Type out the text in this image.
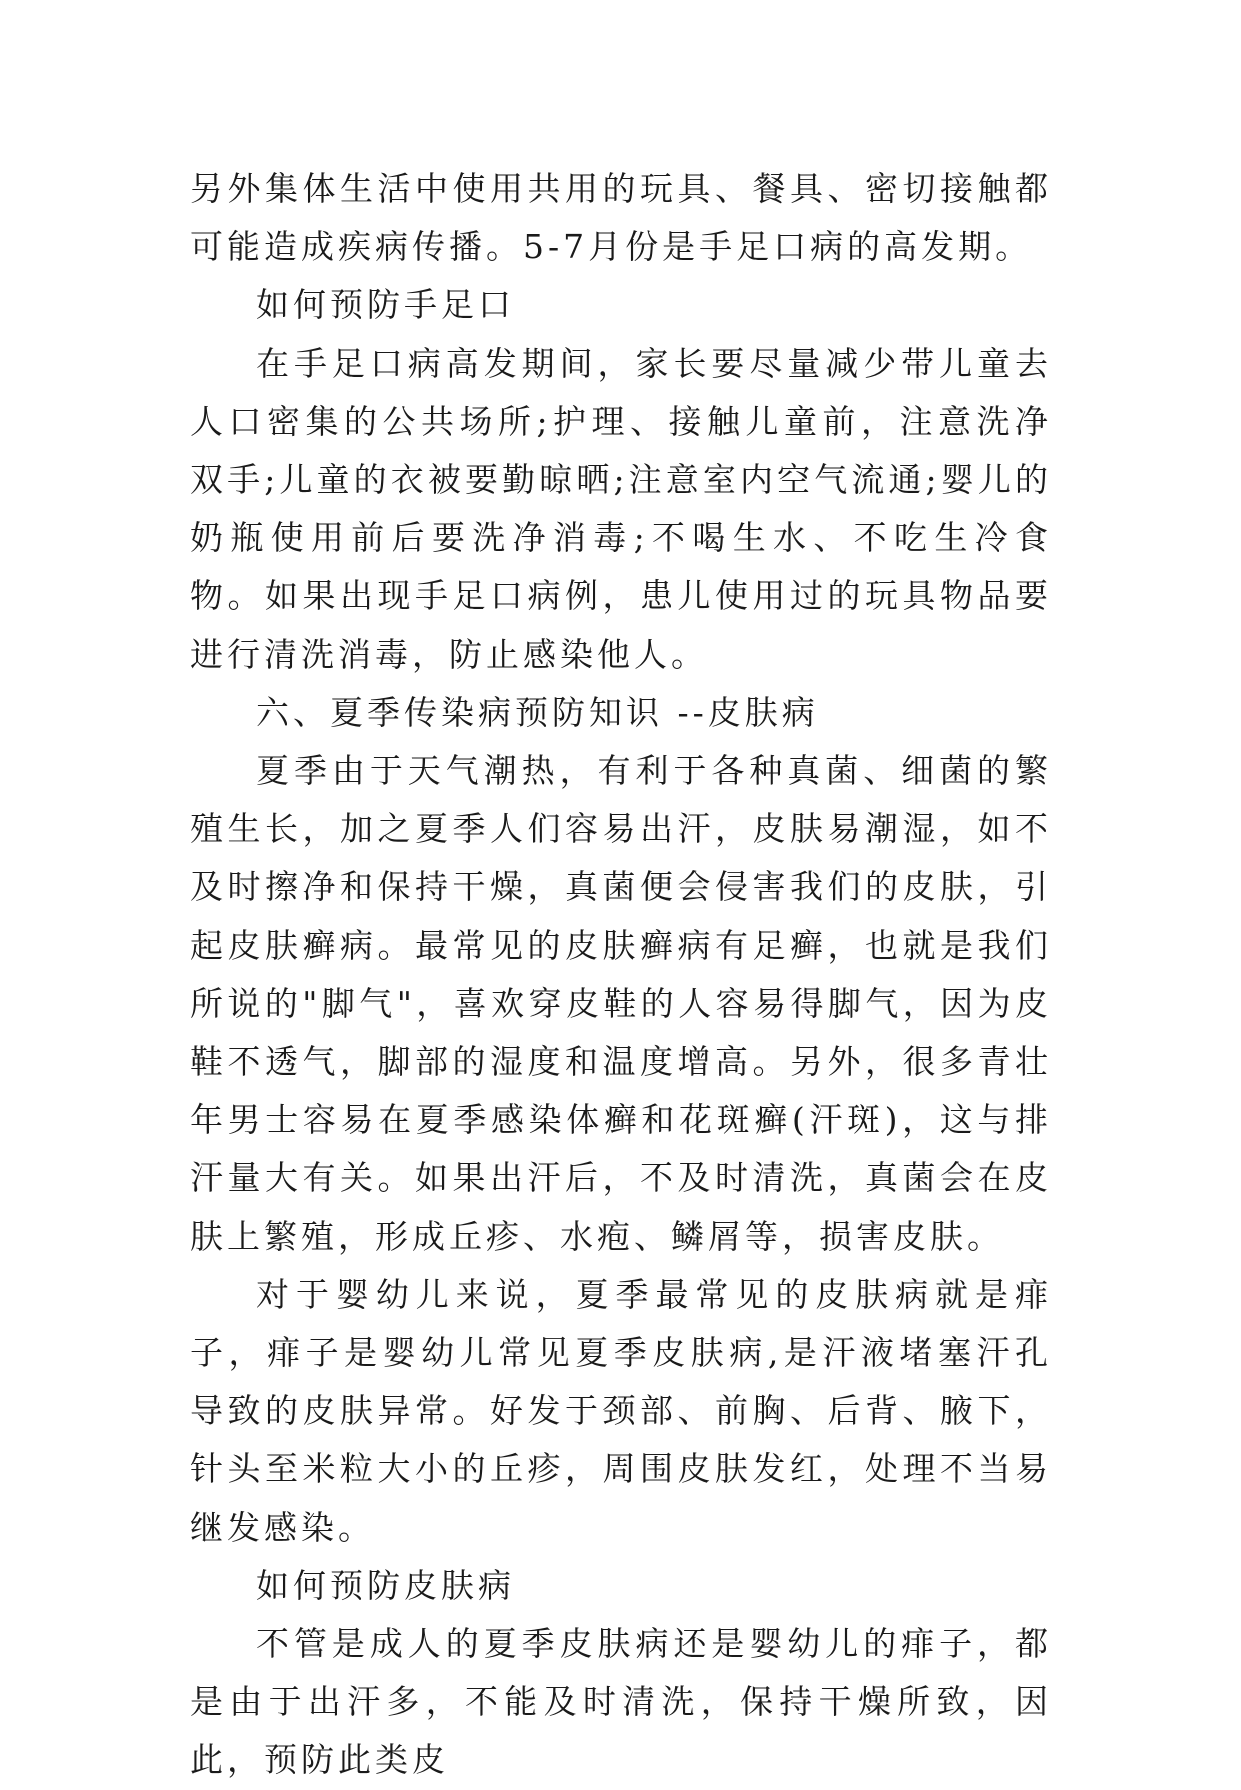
另外集体生活中使用共用的玩具、餐具、密切接触都可能造成疾病传播。5-7月份是手足口病的高发期。

如何预防手足口

在手足口病高发期间，家长要尽量减少带儿童去人口密集的公共场所;护理、接触儿童前，注意洗净双手;儿童的衣被要勤晾晒;注意室内空气流通;婴儿的奶瓶使用前后要洗净消毒;不喝生水、不吃生冷食物。如果出现手足口病例，患儿使用过的玩具物品要进行清洗消毒，防止感染他人。

六、夏季传染病预防知识 --皮肤病

夏季由于天气潮热，有利于各种真菌、细菌的繁殖生长，加之夏季人们容易出汗，皮肤易潮湿，如不及时擦净和保持干燥，真菌便会侵害我们的皮肤，引起皮肤癣病。最常见的皮肤癣病有足癣，也就是我们所说的"脚气"，喜欢穿皮鞋的人容易得脚气，因为皮鞋不透气，脚部的湿度和温度增高。另外，很多青壮年男士容易在夏季感染体癣和花斑癣(汗斑)，这与排汗量大有关。如果出汗后，不及时清洗，真菌会在皮肤上繁殖，形成丘疹、水疱、鳞屑等，损害皮肤。

对于婴幼儿来说，夏季最常见的皮肤病就是痱子，痱子是婴幼儿常见夏季皮肤病,是汗液堵塞汗孔导致的皮肤异常。好发于颈部、前胸、后背、腋下，针头至米粒大小的丘疹，周围皮肤发红，处理不当易继发感染。

如何预防皮肤病

不管是成人的夏季皮肤病还是婴幼儿的痱子，都是由于出汗多，不能及时清洗，保持干燥所致，因此，预防此类皮
